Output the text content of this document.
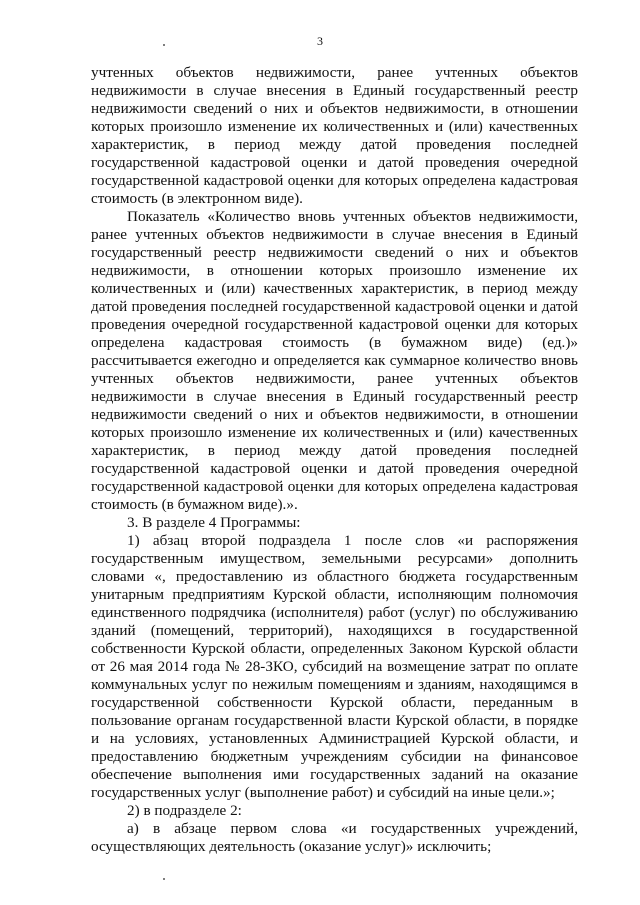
3

учтенных объектов недвижимости, ранее учтенных объектов недвижимости в случае внесения в Единый государственный реестр недвижимости сведений о них и объектов недвижимости, в отношении которых произошло изменение их количественных и (или) качественных характеристик, в период между датой проведения последней государственной кадастровой оценки и датой проведения очередной государственной кадастровой оценки для которых определена кадастровая стоимость (в электронном виде).

Показатель «Количество вновь учтенных объектов недвижимости, ранее учтенных объектов недвижимости в случае внесения в Единый государственный реестр недвижимости сведений о них и объектов недвижимости, в отношении которых произошло изменение их количественных и (или) качественных характеристик, в период между датой проведения последней государственной кадастровой оценки и датой проведения очередной государственной кадастровой оценки для которых определена кадастровая стоимость (в бумажном виде) (ед.)» рассчитывается ежегодно и определяется как суммарное количество вновь учтенных объектов недвижимости, ранее учтенных объектов недвижимости в случае внесения в Единый государственный реестр недвижимости сведений о них и объектов недвижимости, в отношении которых произошло изменение их количественных и (или) качественных характеристик, в период между датой проведения последней государственной кадастровой оценки и датой проведения очередной государственной кадастровой оценки для которых определена кадастровая стоимость (в бумажном виде).».

3. В разделе 4 Программы:

1) абзац второй подраздела 1 после слов «и распоряжения государственным имуществом, земельными ресурсами» дополнить словами «, предоставлению из областного бюджета государственным унитарным предприятиям Курской области, исполняющим полномочия единственного подрядчика (исполнителя) работ (услуг) по обслуживанию зданий (помещений, территорий), находящихся в государственной собственности Курской области, определенных Законом Курской области от 26 мая 2014 года № 28-ЗКО, субсидий на возмещение затрат по оплате коммунальных услуг по нежилым помещениям и зданиям, находящимся в государственной собственности Курской области, переданным в пользование органам государственной власти Курской области, в порядке и на условиях, установленных Администрацией Курской области, и предоставлению бюджетным учреждениям субсидии на финансовое обеспечение выполнения ими государственных заданий на оказание государственных услуг (выполнение работ) и субсидий на иные цели.»;

2) в подразделе 2:

а) в абзаце первом слова «и государственных учреждений, осуществляющих деятельность (оказание услуг)» исключить;
